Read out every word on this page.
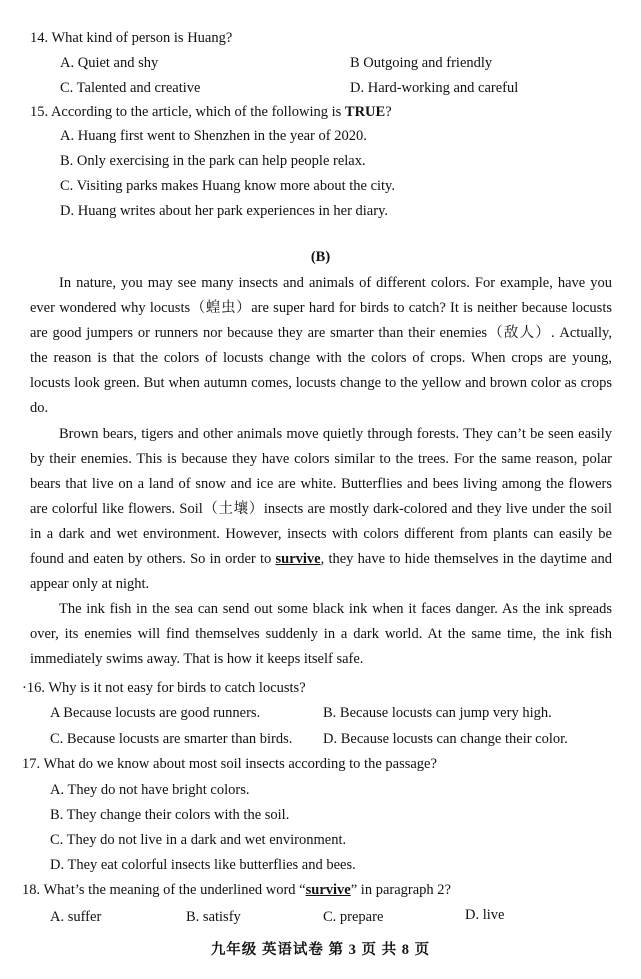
14. What kind of person is Huang?
A. Quiet and shy	B Outgoing and friendly
C. Talented and creative	D. Hard-working and careful
15. According to the article, which of the following is TRUE?
A. Huang first went to Shenzhen in the year of 2020.
B. Only exercising in the park can help people relax.
C. Visiting parks makes Huang know more about the city.
D. Huang writes about her park experiences in her diary.
(B)

In nature, you may see many insects and animals of different colors. For example, have you ever wondered why locusts（蝗虫）are super hard for birds to catch? It is neither because locusts are good jumpers or runners nor because they are smarter than their enemies（敌人）. Actually, the reason is that the colors of locusts change with the colors of crops. When crops are young, locusts look green. But when autumn comes, locusts change to the yellow and brown color as crops do.

Brown bears, tigers and other animals move quietly through forests. They can’t be seen easily by their enemies. This is because they have colors similar to the trees. For the same reason, polar bears that live on a land of snow and ice are white. Butterflies and bees living among the flowers are colorful like flowers. Soil（土壤）insects are mostly dark-colored and they live under the soil in a dark and wet environment. However, insects with colors different from plants can easily be found and eaten by others. So in order to survive, they have to hide themselves in the daytime and appear only at night.

The ink fish in the sea can send out some black ink when it faces danger. As the ink spreads over, its enemies will find themselves suddenly in a dark world. At the same time, the ink fish immediately swims away. That is how it keeps itself safe.

·16. Why is it not easy for birds to catch locusts?
A Because locusts are good runners.	B. Because locusts can jump very high.
C. Because locusts are smarter than birds. D. Because locusts can change their color.
17. What do we know about most soil insects according to the passage?
A. They do not have bright colors.
B. They change their colors with the soil.
C. They do not live in a dark and wet environment.
D. They eat colorful insects like butterflies and bees.
18. What’s the meaning of the underlined word “survive” in paragraph 2?
A. suffer	B. satisfy	C. prepare	D. live
九年级 英语试卷 第 3 页 共 8 页
